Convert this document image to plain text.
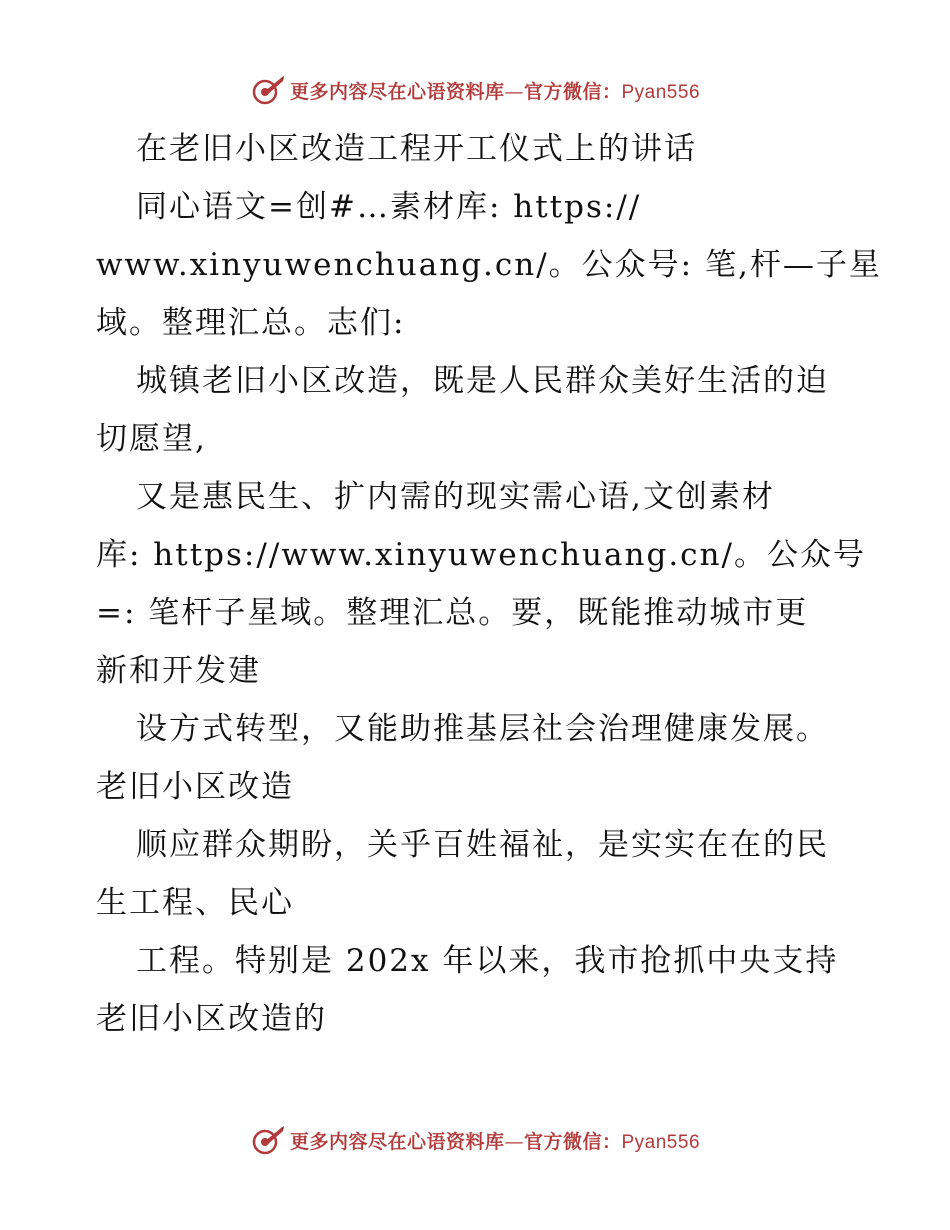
更多内容尽在心语资料库—官方微信：Pyan556
在老旧小区改造工程开工仪式上的讲话
同心语文=创#…素材库: https://
www.xinyuwenchuang.cn/。公众号: 笔,杆—子星
域。整理汇总。志们:
城镇老旧小区改造，既是人民群众美好生活的迫
切愿望,
又是惠民生、扩内需的现实需心语,文创素材
库: https://www.xinyuwenchuang.cn/。公众号
=: 笔杆子星域。整理汇总。要，既能推动城市更
新和开发建
设方式转型，又能助推基层社会治理健康发展。
老旧小区改造
顺应群众期盼，关乎百姓福祉，是实实在在的民
生工程、民心
工程。特别是 202x 年以来，我市抢抓中央支持
老旧小区改造的
更多内容尽在心语资料库—官方微信：Pyan556
